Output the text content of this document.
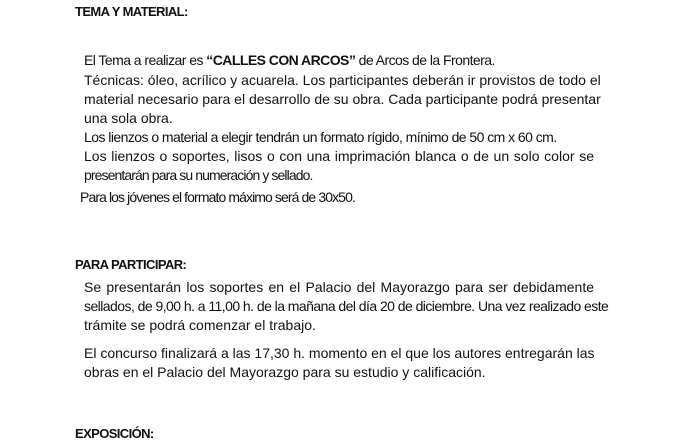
TEMA Y MATERIAL:
El Tema a realizar es “CALLES CON ARCOS” de Arcos de la Frontera.
Técnicas: óleo, acrílico y acuarela. Los participantes deberán ir provistos de todo el
material necesario para el desarrollo de su obra. Cada participante podrá presentar
una sola obra.
Los lienzos o material a elegir tendrán un formato rígido, mínimo de 50 cm x 60 cm.
Los lienzos o soportes, lisos o con una imprimación blanca o de un solo color se
presentarán para su numeración y sellado.
Para los jóvenes el formato máximo será de 30x50.
PARA PARTICIPAR:
Se presentarán los soportes en el Palacio del Mayorazgo para ser debidamente
sellados, de 9,00 h. a 11,00 h. de la mañana del día 20 de diciembre. Una vez realizado este
trámite se podrá comenzar el trabajo.
El concurso finalizará a las 17,30 h. momento en el que los autores entregarán las
obras en el Palacio del Mayorazgo para su estudio y calificación.
EXPOSICIÓN:
